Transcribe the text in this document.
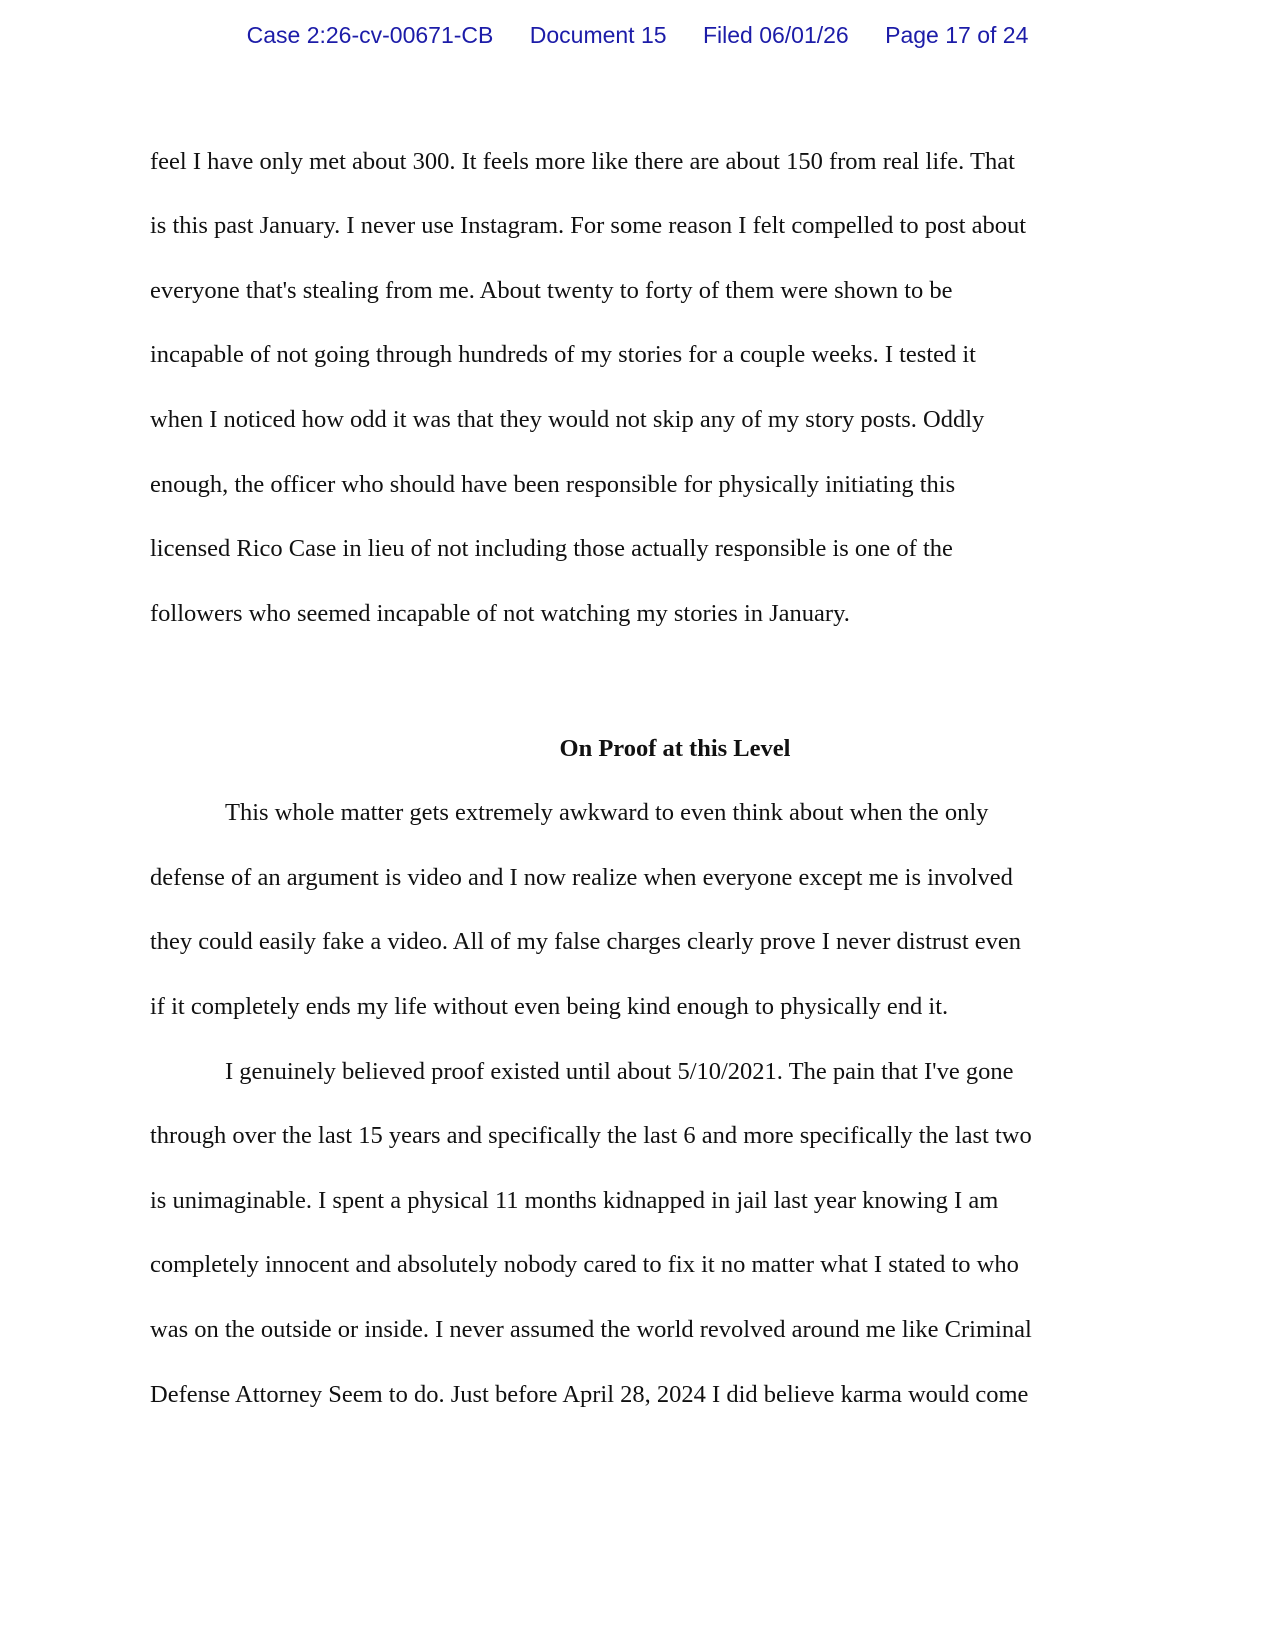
Case 2:26-cv-00671-CB Document 15 Filed 06/01/26 Page 17 of 24
feel I have only met about 300. It feels more like there are about 150 from real life. That
is this past January. I never use Instagram. For some reason I felt compelled to post about
everyone that's stealing from me. About twenty to forty of them were shown to be
incapable of not going through hundreds of my stories for a couple weeks. I tested it
when I noticed how odd it was that they would not skip any of my story posts. Oddly
enough, the officer who should have been responsible for physically initiating this
licensed Rico Case in lieu of not including those actually responsible is one of the
followers who seemed incapable of not watching my stories in January.
On Proof at this Level
This whole matter gets extremely awkward to even think about when the only
defense of an argument is video and I now realize when everyone except me is involved
they could easily fake a video. All of my false charges clearly prove I never distrust even
if it completely ends my life without even being kind enough to physically end it.
I genuinely believed proof existed until about 5/10/2021. The pain that I've gone
through over the last 15 years and specifically the last 6 and more specifically the last two
is unimaginable. I spent a physical 11 months kidnapped in jail last year knowing I am
completely innocent and absolutely nobody cared to fix it no matter what I stated to who
was on the outside or inside. I never assumed the world revolved around me like Criminal
Defense Attorney Seem to do. Just before April 28, 2024 I did believe karma would come
